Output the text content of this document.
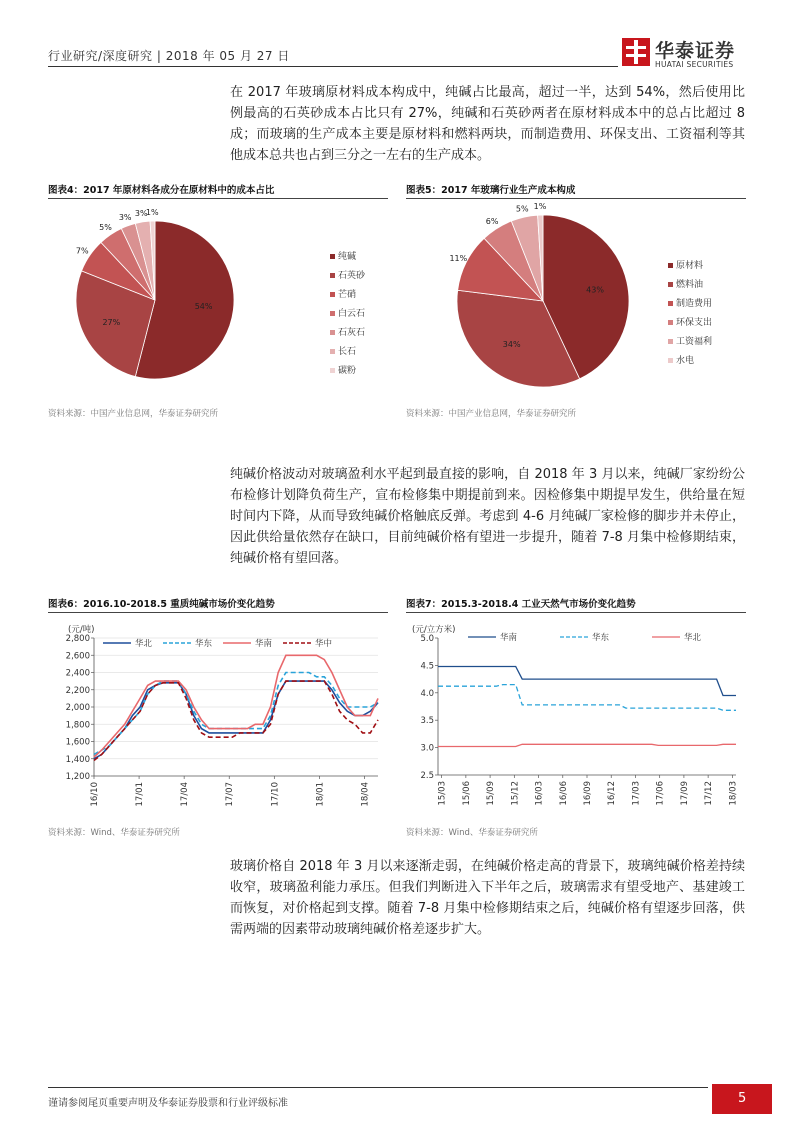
行业研究/深度研究 | 2018 年 05 月 27 日	华泰证券
HUATAI SECURITIES
在 2017 年玻璃原材料成本构成中，纯碱占比最高，超过一半，达到 54%，然后使用比例最高的石英砂成本占比只有 27%，纯碱和石英砂两者在原材料成本中的总占比超过 8 成；而玻璃的生产成本主要是原材料和燃料两块，而制造费用、环保支出、工资福利等其他成本总共也占到三分之一左右的生产成本。
图表4：2017 年原材料各成分在原材料中的成本占比
54%
27%
7%
5%
3% 3%
1%
纯碱
石英砂
芒硝
白云石
石灰石
长石
碳粉
资料来源：中国产业信息网，华泰证券研究所
图表5：2017 年玻璃行业生产成本构成
43%
34%
11%
6%
5% 1%
原材料
燃料油
制造费用
环保支出
工资福利
水电
资料来源：中国产业信息网，华泰证券研究所
纯碱价格波动对玻璃盈利水平起到最直接的影响，自 2018 年 3 月以来，纯碱厂家纷纷公布检修计划降负荷生产，宣布检修集中期提前到来。因检修集中期提早发生，供给量在短时间内下降，从而导致纯碱价格触底反弹。考虑到 4-6 月纯碱厂家检修的脚步并未停止，因此供给量依然存在缺口，目前纯碱价格有望进一步提升，随着 7-8 月集中检修期结束，纯碱价格有望回落。
图表6：2016.10-2018.5 重质纯碱市场价变化趋势
(元/吨)
1,200
1,400
1,600
1,800
2,000
2,200
2,400
2,600
2,800
16/10	17/01	17/04	17/07	17/10	18/01	18/04
华北	华东	华南	华中
资料来源：Wind、华泰证券研究所
图表7：2015.3-2018.4 工业天然气市场价变化趋势
(元/立方米)
2.5
3.0
3.5
4.0
4.5
5.0
15/03 15/06 15/09 15/12 16/03 16/06 16/09 16/12 17/03 17/06 17/09 17/12 18/03
华南	华东	华北
资料来源：Wind、华泰证券研究所
玻璃价格自 2018 年 3 月以来逐渐走弱，在纯碱价格走高的背景下，玻璃纯碱价格差持续收窄，玻璃盈利能力承压。但我们判断进入下半年之后，玻璃需求有望受地产、基建竣工而恢复，对价格起到支撑。随着 7-8 月集中检修期结束之后，纯碱价格有望逐步回落，供需两端的因素带动玻璃纯碱价格差逐步扩大。
谨请参阅尾页重要声明及华泰证券股票和行业评级标准	5
